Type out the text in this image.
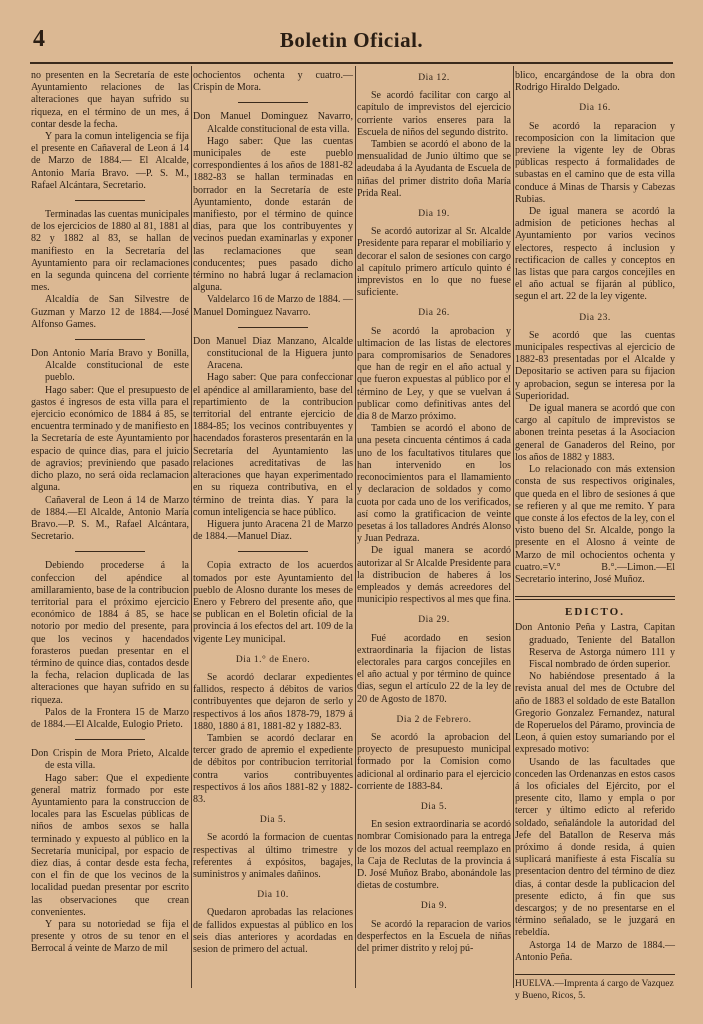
4	Boletin Oficial.

no presenten en la Secretaría de este Ayuntamiento relaciones de las alteraciones que hayan sufrido su riqueza, en el término de un mes, á contar desde la fecha.

Y para la comun inteligencia se fija el presente en Cañaveral de Leon á 14 de Marzo de 1884.— El Alcalde, Antonio María Bravo. —P. S. M., Rafael Alcántara, Secretario.

Terminadas las cuentas municipales de los ejercicios de 1880 al 81, 1881 al 82 y 1882 al 83, se hallan de manifiesto en la Secretaría del Ayuntamiento para oir reclamaciones en la segunda quincena del corriente mes.

Alcaldía de San Silvestre de Guzman y Marzo 12 de 1884.—José Alfonso Games.

Don Antonio María Bravo y Bonilla, Alcalde constitucional de este pueblo.

Hago saber: Que el presupuesto de gastos é ingresos de esta villa para el ejercicio económico de 1884 á 85, se encuentra terminado y de manifiesto en la Secretaría de este Ayuntamiento por espacio de quince dias, para el juicio de agravios; previniendo que pasado dicho plazo, no será oida reclamacion alguna.

Cañaveral de Leon á 14 de Marzo de 1884.—El Alcalde, Antonio María Bravo.—P. S. M., Rafael Alcántara, Secretario.

Debiendo procederse á la confeccion del apéndice al amillaramiento, base de la contribucion territorial para el próximo ejercicio económico de 1884 á 85, se hace notorio por medio del presente, para que los vecinos y hacendados forasteros puedan presentar en el término de quince dias, contados desde la fecha, relacion duplicada de las alteraciones que hayan sufrido en su riqueza.

Palos de la Frontera 15 de Marzo de 1884.—El Alcalde, Eulogio Prieto.

Don Crispin de Mora Prieto, Alcalde de esta villa.

Hago saber: Que el expediente general matriz formado por este Ayuntamiento para la construccion de locales para las Escuelas públicas de niños de ambos sexos se halla terminado y expuesto al público en la Secretaría municipal, por espacio de diez dias, á contar desde esta fecha, con el fin de que los vecinos de la localidad puedan presentar por escrito las observaciones que crean convenientes.

Y para su notoriedad se fija el presente y otros de su tenor en el Berrocal á veinte de Marzo de mil

ochocientos ochenta y cuatro.— Crispin de Mora.

Don Manuel Dominguez Navarro, Alcalde constitucional de esta villa.

Hago saber: Que las cuentas municipales de este pueblo correspondientes á los años de 1881-82 1882-83 se hallan terminadas en borrador en la Secretaría de este Ayuntamiento, donde estarán de manifiesto, por el término de quince dias, para que los contribuyentes y vecinos puedan examinarlas y exponer las reclamaciones que sean conducentes; pues pasado dicho término no habrá lugar á reclamacion alguna.

Valdelarco 16 de Marzo de 1884. —Manuel Dominguez Navarro.

Don Manuel Diaz Manzano, Alcalde constitucional de la Higuera junto Aracena.

Hago saber: Que para confeccionar el apéndice al amillaramiento, base del repartimiento de la contribucion territorial del entrante ejercicio de 1884-85; los vecinos contribuyentes y hacendados forasteros presentarán en la Secretaría del Ayuntamiento las relaciones acreditativas de las alteraciones que hayan experimentado en su riqueza contributiva, en el término de treinta dias. Y para la comun inteligencia se hace público.

Higuera junto Aracena 21 de Marzo de 1884.—Manuel Diaz.

Copia extracto de los acuerdos tomados por este Ayuntamiento del pueblo de Alosno durante los meses de Enero y Febrero del presente año, que se publican en el Boletin oficial de la provincia á los efectos del art. 109 de la vigente Ley municipal.

Dia 1.° de Enero.

Se acordó declarar expedientes fallidos, respecto á débitos de varios contribuyentes que dejaron de serlo y respectivos á los años 1878-79, 1879 á 1880, 1880 á 81, 1881-82 y 1882-83.

Tambien se acordó declarar en tercer grado de apremio el expediente de débitos por contribucion territorial contra varios contribuyentes respectivos á los años 1881-82 y 1882-83.

Dia 5.

Se acordó la formacion de cuentas respectivas al último trimestre y referentes á expósitos, bagajes, suministros y animales dañinos.

Dia 10.

Quedaron aprobadas las relaciones de fallidos expuestas al público en los seis dias anteriores y acordadas en sesion de primero del actual.

Dia 12.

Se acordó facilitar con cargo al capítulo de imprevistos del ejercicio corriente varios enseres para la Escuela de niños del segundo distrito.

Tambien se acordó el abono de la mensualidad de Junio último que se adeudaba á la Ayudanta de Escuela de niñas del primer distrito doña María Prida Real.

Dia 19.

Se acordó autorizar al Sr. Alcalde Presidente para reparar el mobiliario y decorar el salon de sesiones con cargo al capítulo primero artículo quinto é imprevistos en lo que no fuese suficiente.

Dia 26.

Se acordó la aprobacion y ultimacion de las listas de electores para compromisarios de Senadores que han de regir en el año actual y que fueron expuestas al público por el término de Ley, y que se vuelvan á publicar como definitivas antes del dia 8 de Marzo próximo.

Tambien se acordó el abono de una peseta cincuenta céntimos á cada uno de los facultativos titulares que han intervenido en los reconocimientos para el llamamiento y declaracion de soldados y como cuota por cada uno de los verificados, así como la gratificacion de veinte pesetas á los talladores Andrés Alonso y Juan Pedraza.

De igual manera se acordó autorizar al Sr Alcalde Presidente para la distribucion de haberes á los empleados y demás acreedores del municipio respectivos al mes que fina.

Dia 29.

Fué acordado en sesion extraordinaria la fijacion de listas electorales para cargos concejiles en el año actual y por término de quince dias, segun el artículo 22 de la ley de 20 de Agosto de 1870.

Dia 2 de Febrero.

Se acordó la aprobacion del proyecto de presupuesto municipal formado por la Comision como adicional al ordinario para el ejercicio corriente de 1883-84.

Dia 5.

En sesion extraordinaria se acordó nombrar Comisionado para la entrega de los mozos del actual reemplazo en la Caja de Reclutas de la provincia á D. José Muñoz Brabo, abonándole las dietas de costumbre.

Dia 9.

Se acordó la reparacion de varios desperfectos en la Escuela de niñas del primer distrito y reloj pú-

blico, encargándose de la obra don Rodrigo Hiraldo Delgado.

Dia 16.

Se acordó la reparacion y recomposicion con la limitacion que previene la vigente ley de Obras públicas respecto á formalidades de subastas en el camino que de esta villa conduce á Minas de Tharsis y Cabezas Rubias.

De igual manera se acordó la admision de peticiones hechas al Ayuntamiento por varios vecinos electores, respecto á inclusion y rectificacion de calles y conceptos en las listas que para cargos concejiles en el año actual se fijarán al público, segun el art. 22 de la ley vigente.

Dia 23.

Se acordó que las cuentas municipales respectivas al ejercicio de 1882-83 presentadas por el Alcalde y Depositario se activen para su fijacion y aprobacion, segun se interesa por la Superioridad.

De igual manera se acordó que con cargo al capítulo de imprevistos se abonen treinta pesetas á la Asociacion general de Ganaderos del Reino, por los años de 1882 y 1883.

Lo relacionado con más extension consta de sus respectivos originales, que queda en el libro de sesiones á que se refieren y al que me remito. Y para que conste á los efectos de la ley, con el visto bueno del Sr. Alcalde, pongo la presente en el Alosno á veinte de Marzo de mil ochocientos ochenta y cuatro.=V.° B.°.—Limon.—El Secretario interino, José Muñoz.

EDICTO.

Don Antonio Peña y Lastra, Capitan graduado, Teniente del Batallon Reserva de Astorga número 111 y Fiscal nombrado de órden superior.

No habiéndose presentado á la revista anual del mes de Octubre del año de 1883 el soldado de este Batallon Gregorio Gonzalez Fernandez, natural de Roperuelos del Páramo, provincia de Leon, á quien estoy sumariando por el expresado motivo:

Usando de las facultades que conceden las Ordenanzas en estos casos á los oficiales del Ejército, por el presente cito, llamo y empla o por tercer y último edicto al referido soldado, señalándole la autoridad del Jefe del Batallon de Reserva más próximo á donde resida, á quien suplicará manifieste á esta Fiscalía su presentacion dentro del término de diez dias, á contar desde la publicacion del presente edicto, á fin que sus descargos; y de no presentarse en el término señalado, se le juzgará en rebeldía.

Astorga 14 de Marzo de 1884.— Antonio Peña.

HUELVA.—Imprenta á cargo de Vazquez y Bueno, Ricos, 5.
